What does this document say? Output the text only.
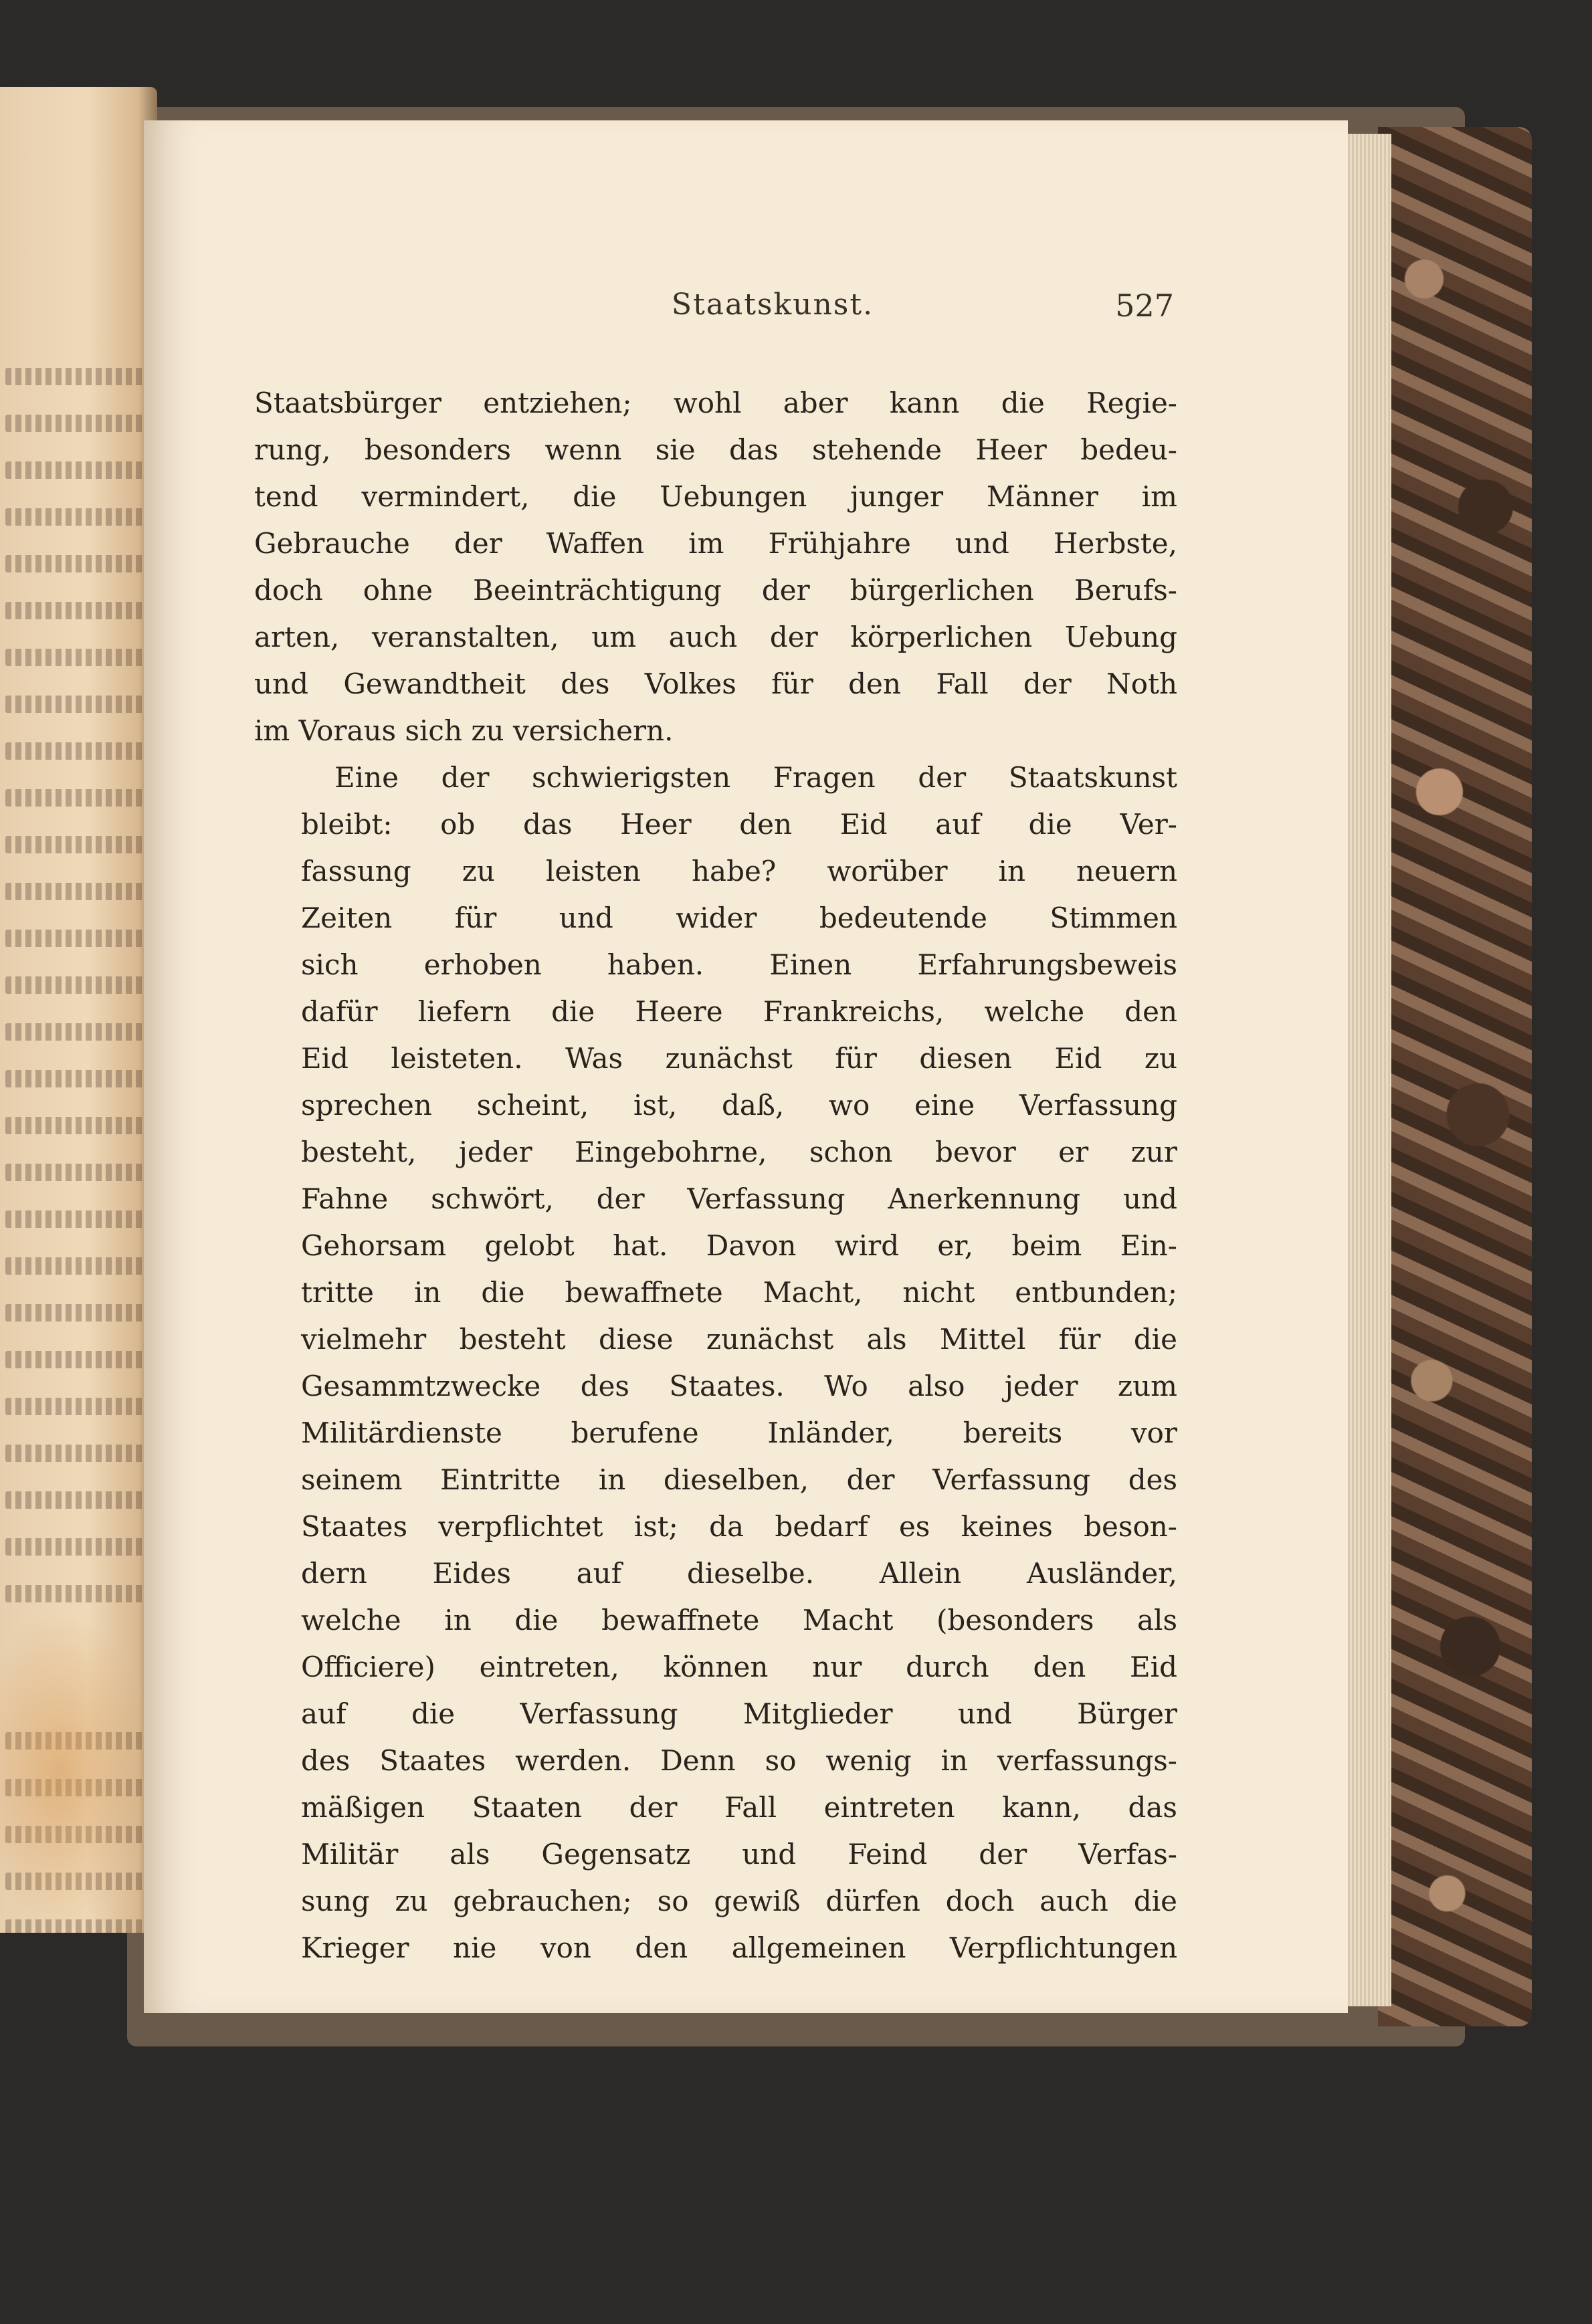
Staatskunst.	527
Staatsbürger entziehen; wohl aber kann die Regie-
rung, besonders wenn sie das stehende Heer bedeu-
tend vermindert, die Uebungen junger Männer im
Gebrauche der Waffen im Frühjahre und Herbste,
doch ohne Beeinträchtigung der bürgerlichen Berufs-
arten, veranstalten, um auch der körperlichen Uebung
und Gewandtheit des Volkes für den Fall der Noth
im Voraus sich zu versichern.
Eine der schwierigsten Fragen der Staatskunst
bleibt: ob das Heer den Eid auf die Ver-
fassung zu leisten habe? worüber in neuern
Zeiten für und wider bedeutende Stimmen
sich erhoben haben. Einen Erfahrungsbeweis
dafür liefern die Heere Frankreichs, welche den
Eid leisteten. Was zunächst für diesen Eid zu
sprechen scheint, ist, daß, wo eine Verfassung
besteht, jeder Eingebohrne, schon bevor er zur
Fahne schwört, der Verfassung Anerkennung und
Gehorsam gelobt hat. Davon wird er, beim Ein-
tritte in die bewaffnete Macht, nicht entbunden;
vielmehr besteht diese zunächst als Mittel für die
Gesammtzwecke des Staates. Wo also jeder zum
Militärdienste berufene Inländer, bereits vor
seinem Eintritte in dieselben, der Verfassung des
Staates verpflichtet ist; da bedarf es keines beson-
dern Eides auf dieselbe. Allein Ausländer,
welche in die bewaffnete Macht (besonders als
Officiere) eintreten, können nur durch den Eid
auf die Verfassung Mitglieder und Bürger
des Staates werden. Denn so wenig in verfassungs-
mäßigen Staaten der Fall eintreten kann, das
Militär als Gegensatz und Feind der Verfas-
sung zu gebrauchen; so gewiß dürfen doch auch die
Krieger nie von den allgemeinen Verpflichtungen
